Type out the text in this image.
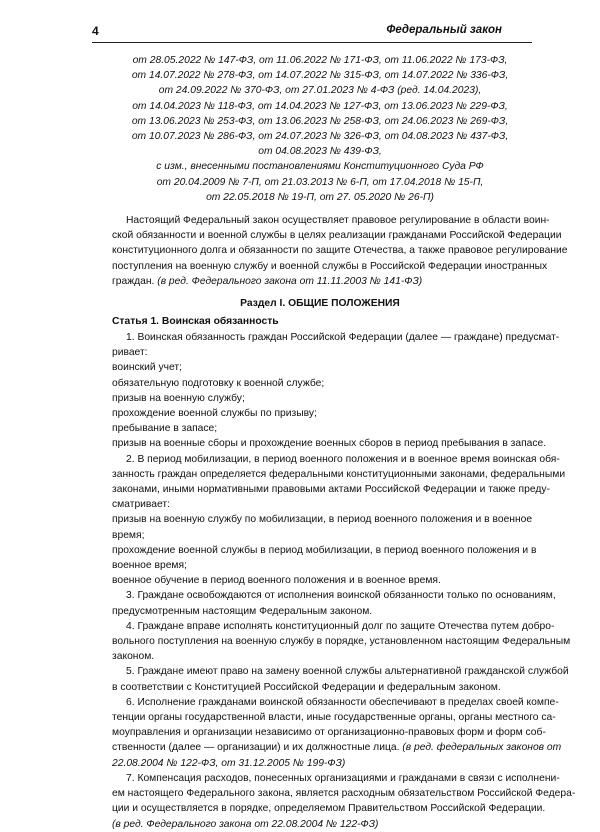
4	Федеральный закон
от 28.05.2022 № 147-ФЗ, от 11.06.2022 № 171-ФЗ, от 11.06.2022 № 173-ФЗ,
от 14.07.2022 № 278-ФЗ, от 14.07.2022 № 315-ФЗ, от 14.07.2022 № 336-ФЗ,
от 24.09.2022 № 370-ФЗ, от 27.01.2023 № 4-ФЗ (ред. 14.04.2023),
от 14.04.2023 № 118-ФЗ, от 14.04.2023 № 127-ФЗ, от 13.06.2023 № 229-ФЗ,
от 13.06.2023 № 253-ФЗ, от 13.06.2023 № 258-ФЗ, от 24.06.2023 № 269-ФЗ,
от 10.07.2023 № 286-ФЗ, от 24.07.2023 № 326-ФЗ, от 04.08.2023 № 437-ФЗ,
от 04.08.2023 № 439-ФЗ,
с изм., внесенными постановлениями Конституционного Суда РФ
от 20.04.2009 № 7-П, от 21.03.2013 № 6-П, от 17.04.2018 № 15-П,
от 22.05.2018 № 19-П, от 27. 05.2020 № 26-П)
Настоящий Федеральный закон осуществляет правовое регулирование в области воин-
ской обязанности и военной службы в целях реализации гражданами Российской Федерации
конституционного долга и обязанности по защите Отечества, а также правовое регулирование
поступления на военную службу и военной службы в Российской Федерации иностранных
граждан. (в ред. Федерального закона от 11.11.2003 № 141-ФЗ)
Раздел I. ОБЩИЕ ПОЛОЖЕНИЯ
Статья 1. Воинская обязанность
1. Воинская обязанность граждан Российской Федерации (далее — граждане) предусмат-
ривает:
воинский учет;
обязательную подготовку к военной службе;
призыв на военную службу;
прохождение военной службы по призыву;
пребывание в запасе;
призыв на военные сборы и прохождение военных сборов в период пребывания в запасе.
2. В период мобилизации, в период военного положения и в военное время воинская обя-
занность граждан определяется федеральными конституционными законами, федеральными
законами, иными нормативными правовыми актами Российской Федерации и также преду-
сматривает:
призыв на военную службу по мобилизации, в период военного положения и в военное
время;
прохождение военной службы в период мобилизации, в период военного положения и в
военное время;
военное обучение в период военного положения и в военное время.
3. Граждане освобождаются от исполнения воинской обязанности только по основаниям,
предусмотренным настоящим Федеральным законом.
4. Граждане вправе исполнять конституционный долг по защите Отечества путем добро-
вольного поступления на военную службу в порядке, установленном настоящим Федеральным
законом.
5. Граждане имеют право на замену военной службы альтернативной гражданской службой
в соответствии с Конституцией Российской Федерации и федеральным законом.
6. Исполнение гражданами воинской обязанности обеспечивают в пределах своей компе-
тенции органы государственной власти, иные государственные органы, органы местного са-
моуправления и организации независимо от организационно-правовых форм и форм соб-
ственности (далее — организации) и их должностные лица. (в ред. федеральных законов от
22.08.2004 № 122-ФЗ, от 31.12.2005 № 199-ФЗ)
7. Компенсация расходов, понесенных организациями и гражданами в связи с исполнени-
ем настоящего Федерального закона, является расходным обязательством Российской Федера-
ции и осуществляется в порядке, определяемом Правительством Российской Федерации.
(в ред. Федерального закона от 22.08.2004 № 122-ФЗ)
